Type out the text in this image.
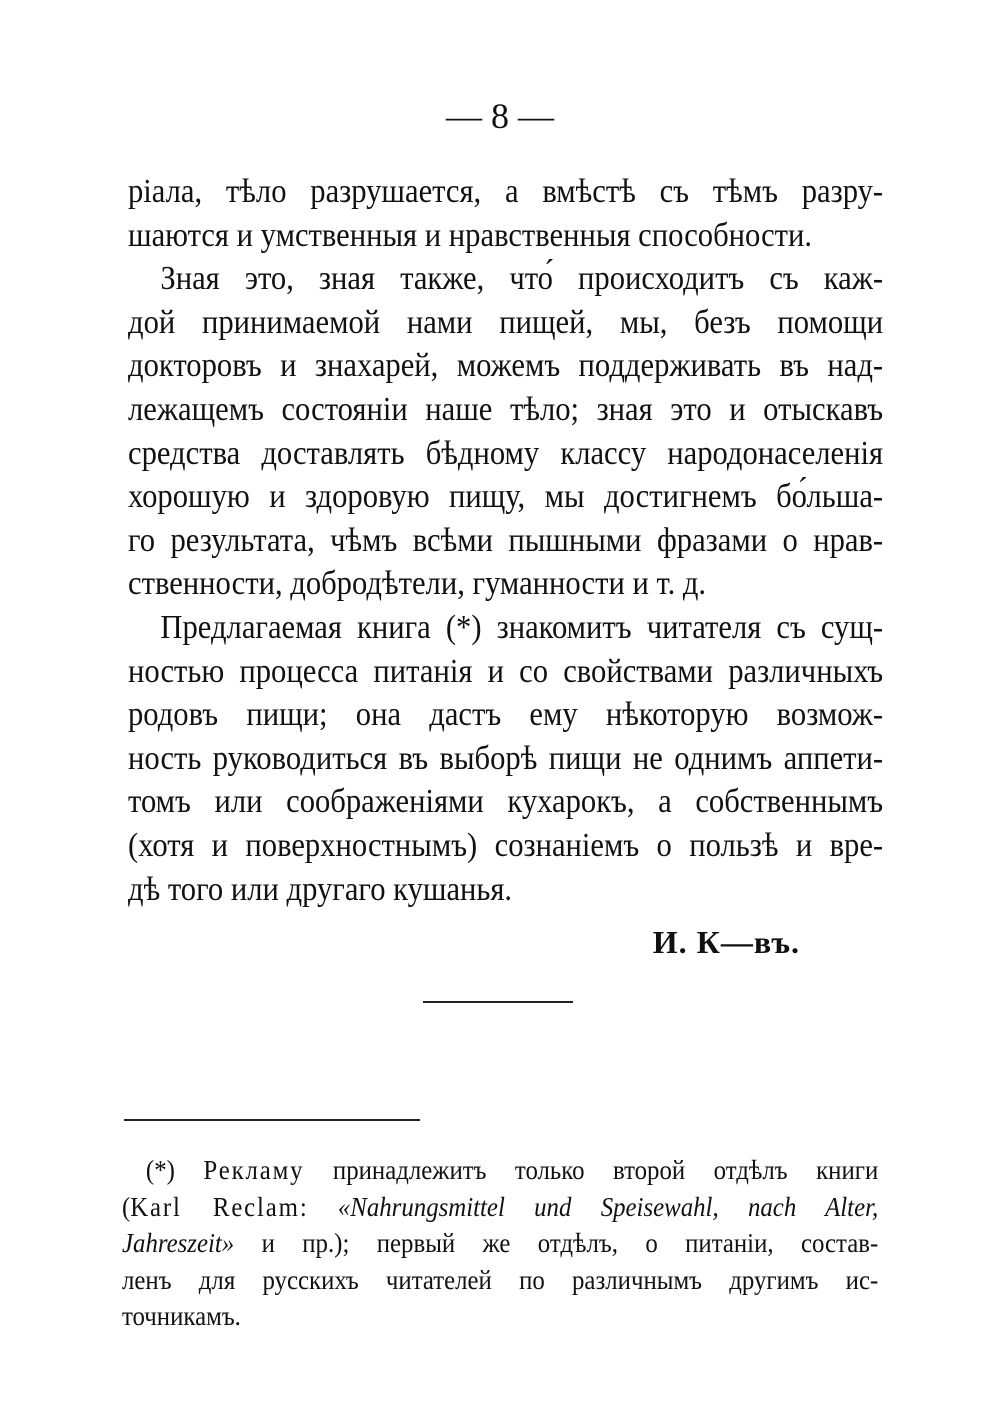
— 8 —
ріала, тѣло разрушается, а вмѣстѣ съ тѣмъ разру-
шаются и умственныя и нравственныя способности.
Зная это, зная также, что́ происходитъ съ каж-
дой принимаемой нами пищей, мы, безъ помощи
докторовъ и знахарей, можемъ поддерживать въ над-
лежащемъ состояніи наше тѣло; зная это и отыскавъ
средства доставлять бѣдному классу народонаселенія
хорошую и здоровую пищу, мы достигнемъ бо́льша-
го результата, чѣмъ всѣми пышными фразами о нрав-
ственности, добродѣтели, гуманности и т. д.
Предлагаемая книга (*) знакомитъ читателя съ сущ-
ностью процесса питанія и со свойствами различныхъ
родовъ пищи; она дастъ ему нѣкоторую возмож-
ность руководиться въ выборѣ пищи не однимъ аппети-
томъ или соображеніями кухарокъ, а собственнымъ
(хотя и поверхностнымъ) сознаніемъ о пользѣ и вре-
дѣ того или другаго кушанья.
И. К—въ.
(*) Рекламу принадлежитъ только второй отдѣлъ книги
(Karl Reclam: «Nahrungsmittel und Speisewahl, nach Alter,
Jahreszeit» и пр.); первый же отдѣлъ, о питаніи, состав-
ленъ для русскихъ читателей по различнымъ другимъ ис-
точникамъ.
